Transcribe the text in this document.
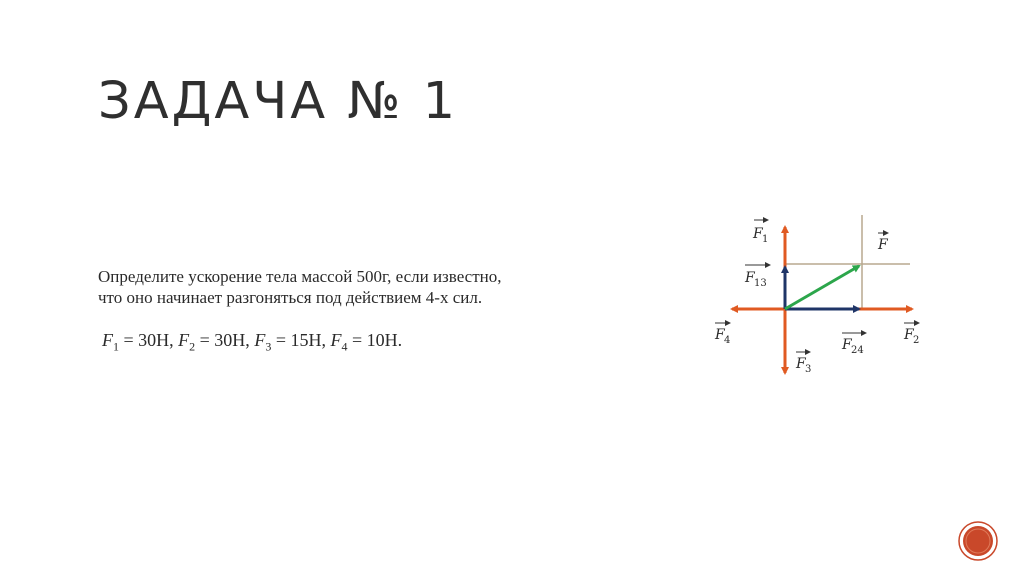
ЗАДАЧА № 1

Определите ускорение тела массой 500г, если известно,

что оно начинает разгоняться под действием 4-х сил.

$F_1 = 30Н$, $F_2 = 30Н$, $F_3 = 15Н$, $F_4 = 10Н$.
F 1	F
F 13
F 4	F 2
F 24
F 3
